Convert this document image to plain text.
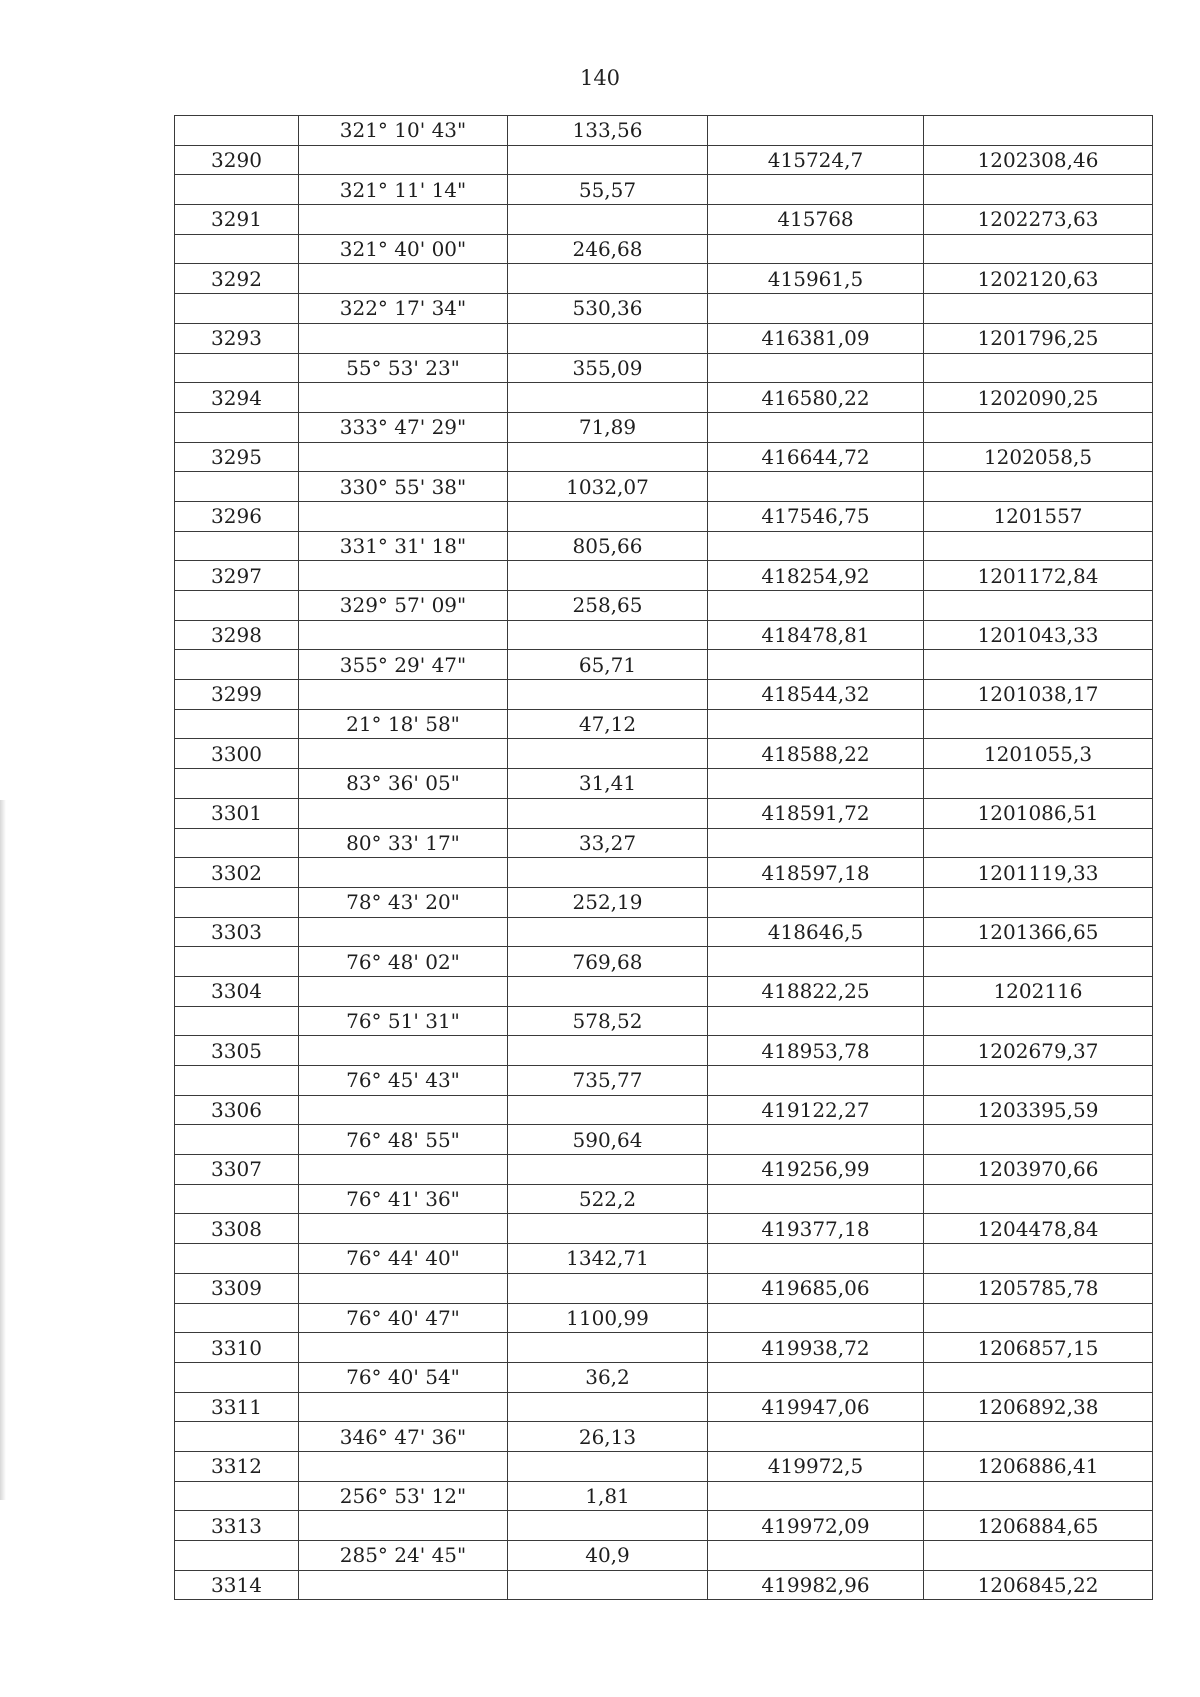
140
	321° 10' 43"	133,56		
3290			415724,7	1202308,46
	321° 11' 14"	55,57		
3291			415768	1202273,63
	321° 40' 00"	246,68		
3292			415961,5	1202120,63
	322° 17' 34"	530,36		
3293			416381,09	1201796,25
	55° 53' 23"	355,09		
3294			416580,22	1202090,25
	333° 47' 29"	71,89		
3295			416644,72	1202058,5
	330° 55' 38"	1032,07		
3296			417546,75	1201557
	331° 31' 18"	805,66		
3297			418254,92	1201172,84
	329° 57' 09"	258,65		
3298			418478,81	1201043,33
	355° 29' 47"	65,71		
3299			418544,32	1201038,17
	21° 18' 58"	47,12		
3300			418588,22	1201055,3
	83° 36' 05"	31,41		
3301			418591,72	1201086,51
	80° 33' 17"	33,27		
3302			418597,18	1201119,33
	78° 43' 20"	252,19		
3303			418646,5	1201366,65
	76° 48' 02"	769,68		
3304			418822,25	1202116
	76° 51' 31"	578,52		
3305			418953,78	1202679,37
	76° 45' 43"	735,77		
3306			419122,27	1203395,59
	76° 48' 55"	590,64		
3307			419256,99	1203970,66
	76° 41' 36"	522,2		
3308			419377,18	1204478,84
	76° 44' 40"	1342,71		
3309			419685,06	1205785,78
	76° 40' 47"	1100,99		
3310			419938,72	1206857,15
	76° 40' 54"	36,2		
3311			419947,06	1206892,38
	346° 47' 36"	26,13		
3312			419972,5	1206886,41
	256° 53' 12"	1,81		
3313			419972,09	1206884,65
	285° 24' 45"	40,9		
3314			419982,96	1206845,22
